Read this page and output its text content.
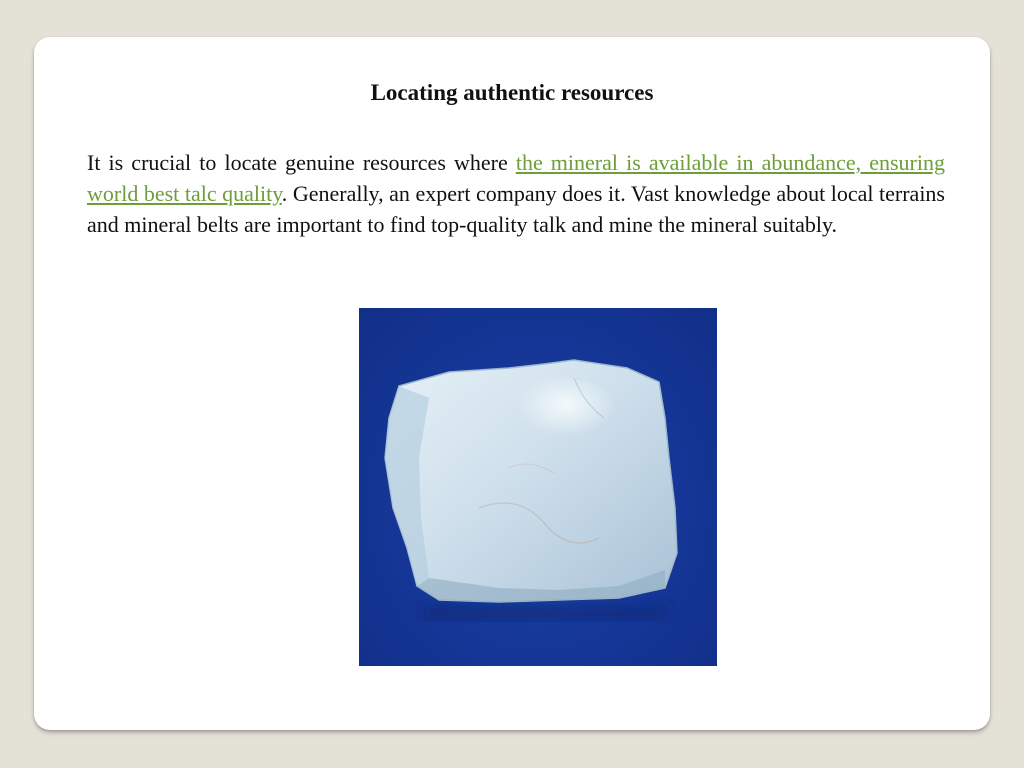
Locating authentic resources

It is crucial to locate genuine resources where the mineral is available in abundance, ensuring world best talc quality. Generally, an expert company does it. Vast knowledge about local terrains and mineral belts are important to find top-quality talk and mine the mineral suitably.
